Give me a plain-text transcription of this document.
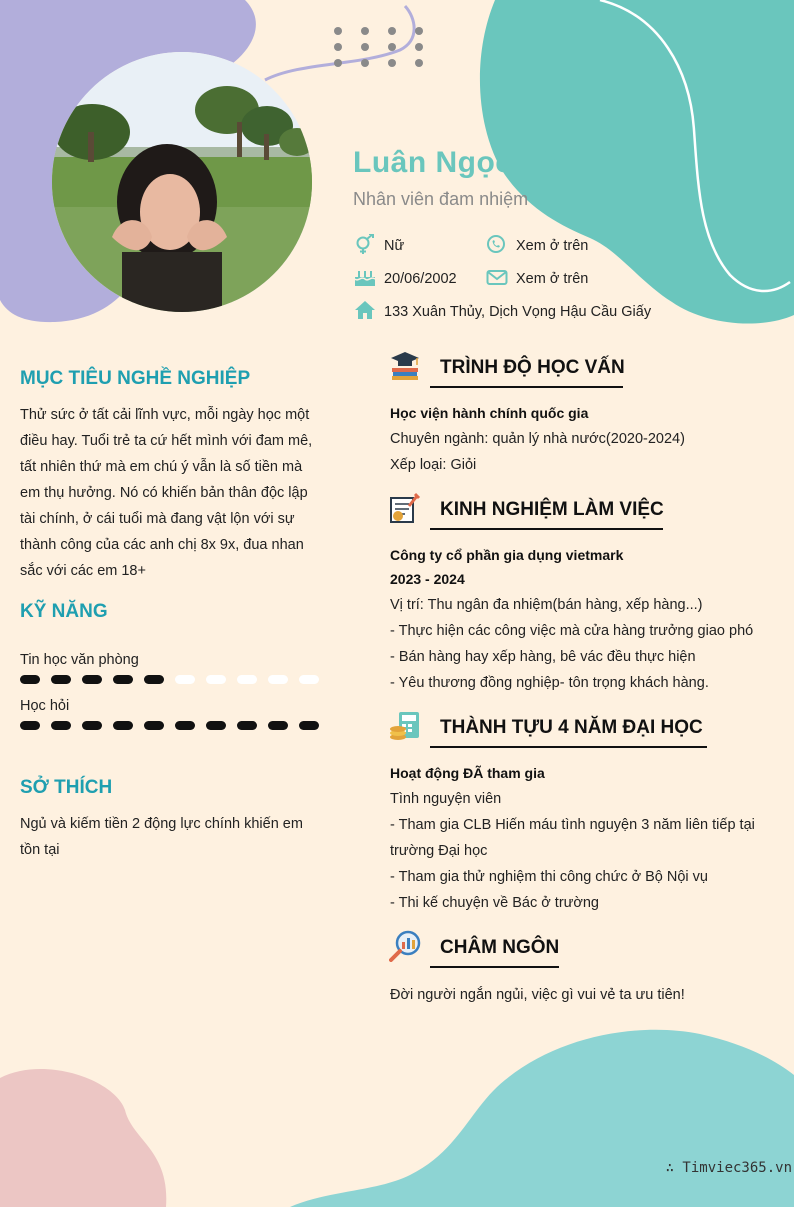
Luân Ngọc Lệ
Nhân viên đam nhiệm
Nữ	Xem ở trên
20/06/2002	Xem ở trên
133 Xuân Thủy, Dịch Vọng Hậu Cầu Giấy
MỤC TIÊU NGHỀ NGHIỆP
Thử sức ở tất cải lĩnh vực, mỗi ngày học một
điều hay. Tuổi trẻ ta cứ hết mình với đam mê,
tất nhiên thứ mà em chú ý vẫn là số tiền mà
em thụ hưởng. Nó có khiến bản thân độc lập
tài chính, ở cái tuổi mà đang vật lộn với sự
thành công của các anh chị 8x 9x, đua nhan
sắc với các em 18+
KỸ NĂNG
Tin học văn phòng
Học hỏi
SỞ THÍCH
Ngủ và kiếm tiền 2 động lực chính khiến em
tồn tại
TRÌNH ĐỘ HỌC VẤN
Học viện hành chính quốc gia
Chuyên ngành: quản lý nhà nước(2020-2024)
Xếp loại: Giỏi
KINH NGHIỆM LÀM VIỆC
Công ty cổ phần gia dụng vietmark
2023 - 2024
Vị trí: Thu ngân đa nhiệm(bán hàng, xếp hàng...)
- Thực hiện các công việc mà cửa hàng trưởng giao phó
- Bán hàng hay xếp hàng, bê vác đều thực hiện
- Yêu thương đồng nghiệp- tôn trọng khách hàng.
THÀNH TỰU 4 NĂM ĐẠI HỌC
Hoạt động ĐÃ tham gia
Tình nguyện viên
- Tham gia CLB Hiến máu tình nguyện 3 năm liên tiếp tại
trường Đại học
- Tham gia thử nghiệm thi công chức ở Bộ Nội vụ
- Thi kế chuyện về Bác ở trường
CHÂM NGÔN
Đời người ngắn ngủi, việc gì vui vẻ ta ưu tiên!
∴ Timviec365.vn
